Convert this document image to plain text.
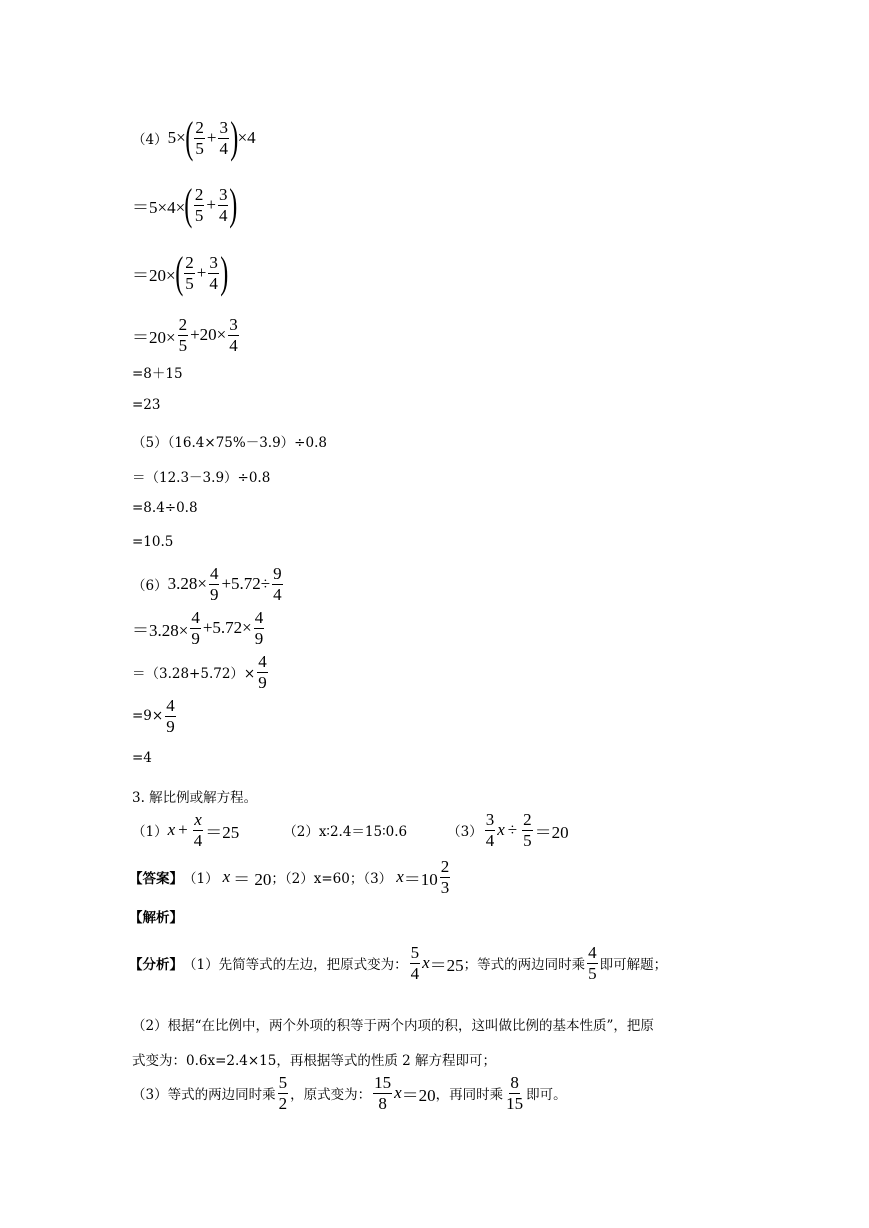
（4） 5× ( $\frac{2}{5} + \frac{3}{4}$ ) ×4
＝5×4× ( $\frac{2}{5} + \frac{3}{4}$ )
＝20× ( $\frac{2}{5} + \frac{3}{4}$ )
$=20\times \frac{2}{5} +20\times \frac{3}{4}$
=8＋15
=23
（5）（16.4×75%－3.9）÷0.8
＝（12.3－3.9）÷0.8
=8.4÷0.8
=10.5
（6） $3.28\times \frac{4}{9} +5.72\div \frac{9}{4}$
$=3.28\times \frac{4}{9} +5.72\times \frac{4}{9}$
$=(3.28+5.72)\times \frac{4}{9}$
$=9\times \frac{4}{9}$
=4
3. 解比例或解方程。
（1） $x + \frac{x}{4} =25$	（2）x∶2.4＝15∶0.6	$(3) \frac{3}{4}$ $x \div \frac{2}{5} =20$
【答案】 （1） x ＝ 20 ；（2）x=60；（3） $x =10 \frac{2}{3}$
【解析】
【分析】 （1）先简等式的左边，把原式变为： $\frac{5}{4}$ x ＝25 ；等式的两边同时乘 $\frac{4}{5}$ 即可解题；
（2）根据“在比例中，两个外项的积等于两个内项的积，这叫做比例的基本性质”，把原
式变为：0.6x=2.4×15，再根据等式的性质 2 解方程即可；
（3）等式的两边同时乘 $\frac{5}{2}$ ，原式变为： $\frac{15}{8}$ x ＝20 ，再同时乘 $\frac{8}{15}$ 即可。
